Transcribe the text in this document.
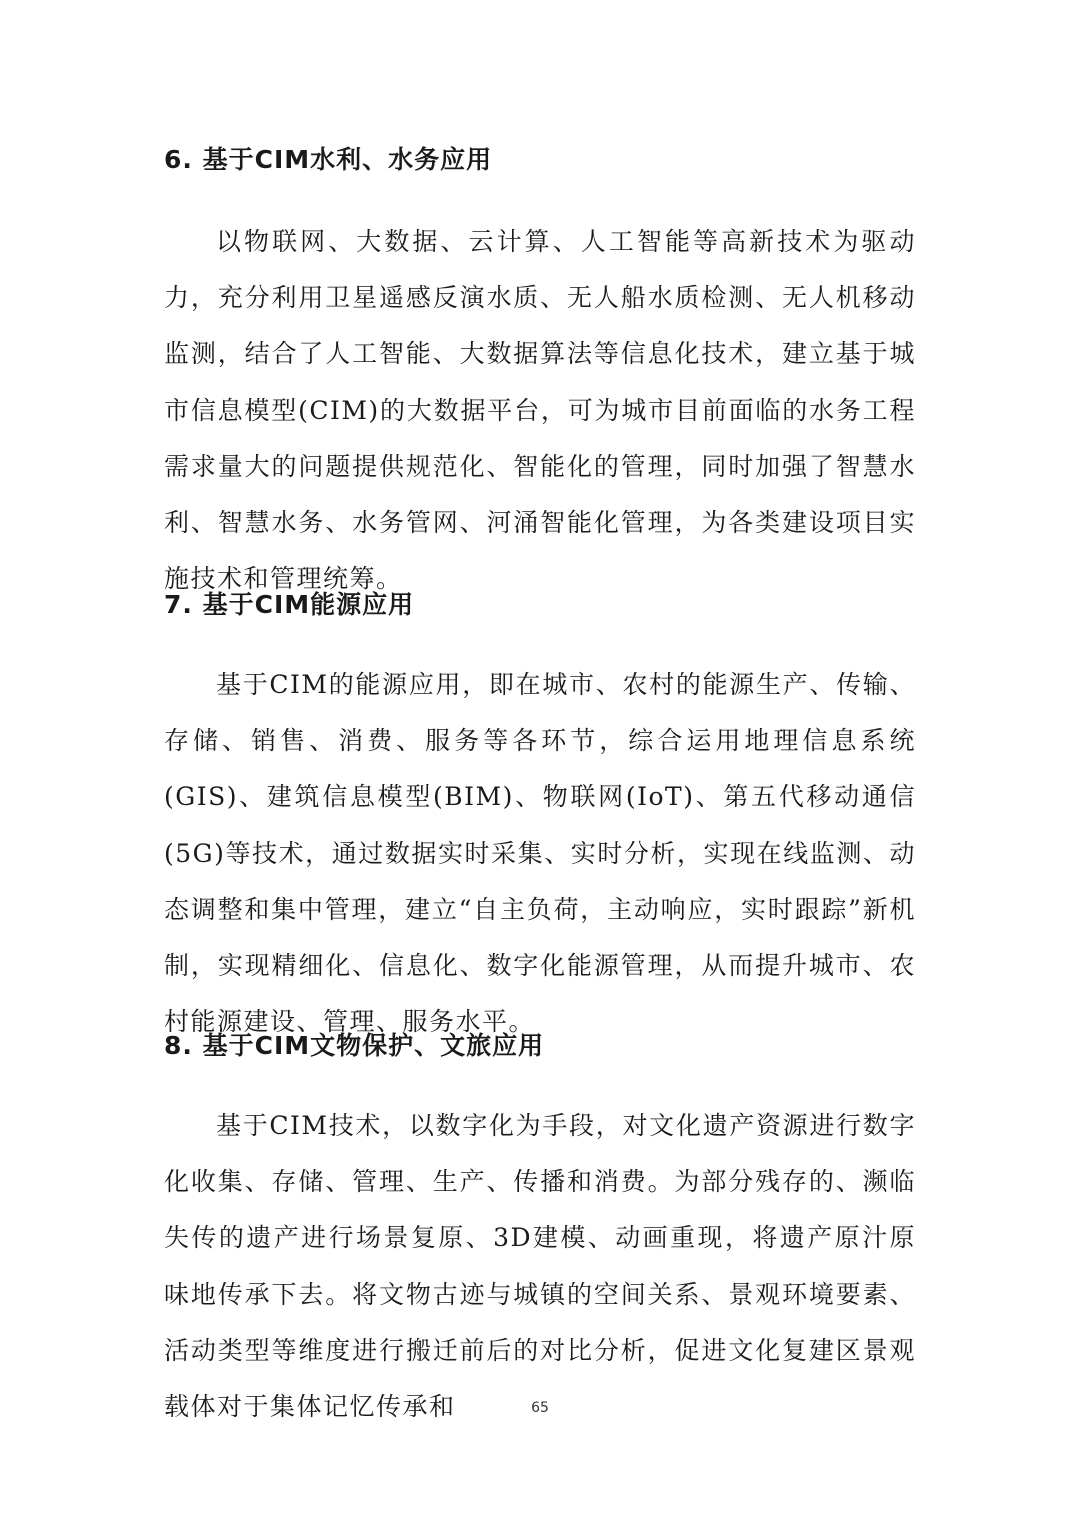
6. 基于CIM水利、水务应用

以物联网、大数据、云计算、人工智能等高新技术为驱动力，充分利用卫星遥感反演水质、无人船水质检测、无人机移动监测，结合了人工智能、大数据算法等信息化技术，建立基于城市信息模型(CIM)的大数据平台，可为城市目前面临的水务工程需求量大的问题提供规范化、智能化的管理，同时加强了智慧水利、智慧水务、水务管网、河涌智能化管理，为各类建设项目实施技术和管理统筹。

7. 基于CIM能源应用

基于CIM的能源应用，即在城市、农村的能源生产、传输、存储、销售、消费、服务等各环节，综合运用地理信息系统(GIS)、建筑信息模型(BIM)、物联网(IoT)、第五代移动通信(5G)等技术，通过数据实时采集、实时分析，实现在线监测、动态调整和集中管理，建立“自主负荷，主动响应，实时跟踪”新机制，实现精细化、信息化、数字化能源管理，从而提升城市、农村能源建设、管理、服务水平。

8. 基于CIM文物保护、文旅应用

基于CIM技术，以数字化为手段，对文化遗产资源进行数字化收集、存储、管理、生产、传播和消费。为部分残存的、濒临失传的遗产进行场景复原、3D建模、动画重现，将遗产原汁原味地传承下去。将文物古迹与城镇的空间关系、景观环境要素、活动类型等维度进行搬迁前后的对比分析，促进文化复建区景观载体对于集体记忆传承和	65
